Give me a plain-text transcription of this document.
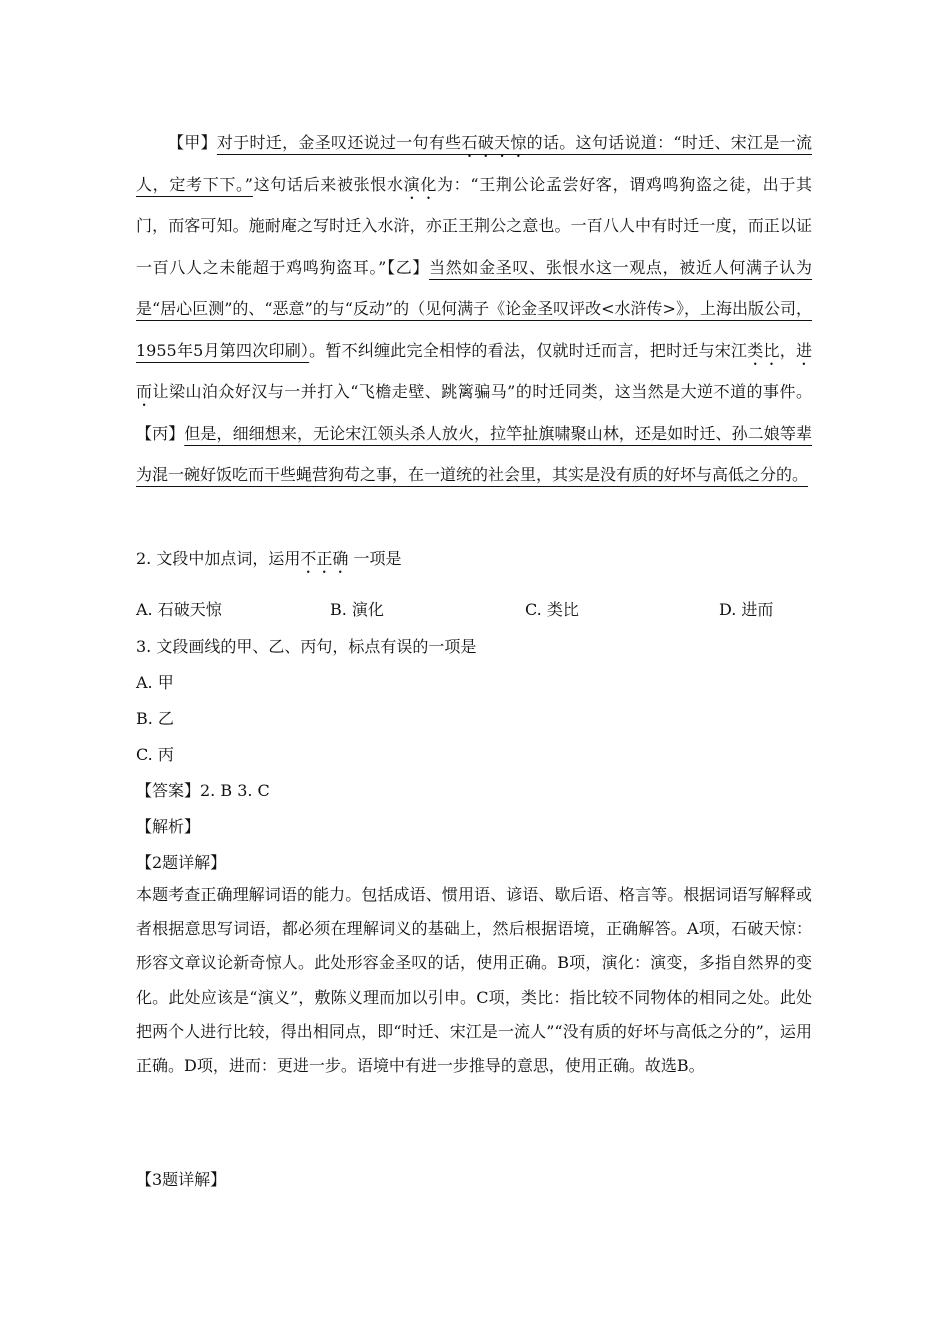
【甲】对于时迁，金圣叹还说过一句有些石破天惊的话。这句话说道：“时迁、宋江是一流人，定考下下。”这句话后来被张恨水演化为：“王荆公论孟尝好客，谓鸡鸣狗盗之徒，出于其门，而客可知。施耐庵之写时迁入水浒，亦正王荆公之意也。一百八人中有时迁一度，而正以证一百八人之未能超于鸡鸣狗盗耳。”【乙】当然如金圣叹、张恨水这一观点，被近人何满子认为是“居心叵测”的、“恶意”的与“反动”的（见何满子《论金圣叹评改<水浒传>》，上海出版公司，1955年5月第四次印刷）。暂不纠缠此完全相悖的看法，仅就时迁而言，把时迁与宋江类比，进而让梁山泊众好汉与一并打入“飞檐走壁、跳篱骗马”的时迁同类，这当然是大逆不道的事件。【丙】但是，细细想来，无论宋江领头杀人放火，拉竿扯旗啸聚山林，还是如时迁、孙二娘等辈为混一碗好饭吃而干些蝇营狗苟之事，在一道统的社会里，其实是没有质的好坏与高低之分的。
2. 文段中加点词，运用不正确 一项是
A. 石破天惊	B. 演化	C. 类比	D. 进而
3. 文段画线的甲、乙、丙句，标点有误的一项是
A. 甲
B. 乙
C. 丙
【答案】2. B 3. C
【解析】
【2题详解】
本题考查正确理解词语的能力。包括成语、惯用语、谚语、歇后语、格言等。根据词语写解释或者根据意思写词语，都必须在理解词义的基础上，然后根据语境，正确解答。A项，石破天惊：形容文章议论新奇惊人。此处形容金圣叹的话，使用正确。B项，演化：演变，多指自然界的变化。此处应该是“演义”，敷陈义理而加以引申。C项，类比：指比较不同物体的相同之处。此处把两个人进行比较，得出相同点，即“时迁、宋江是一流人”“没有质的好坏与高低之分的”，运用正确。D项，进而：更进一步。语境中有进一步推导的意思，使用正确。故选B。
【3题详解】
